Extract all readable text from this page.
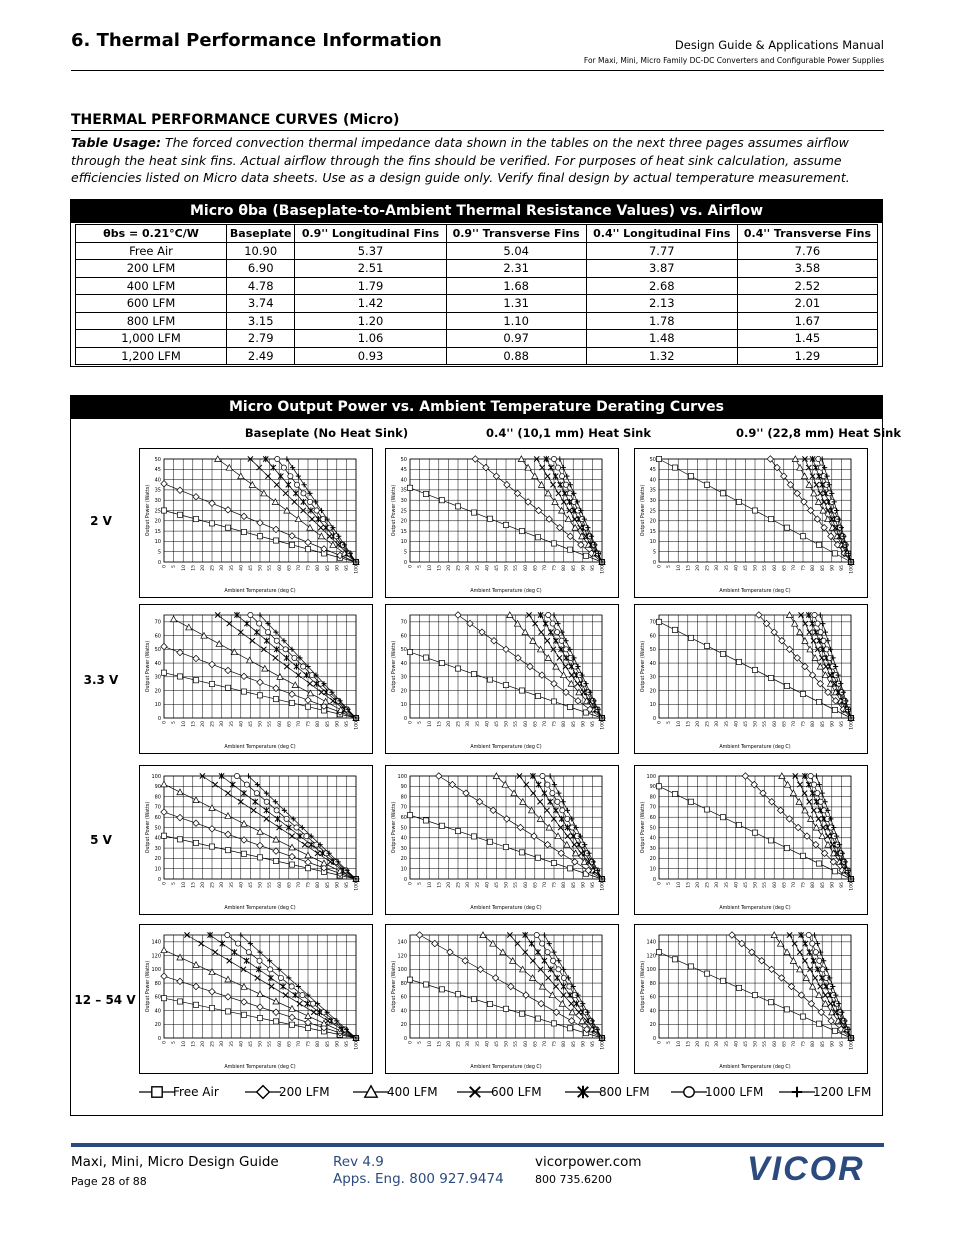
6. Thermal Performance Information	Design Guide & Applications Manual
For Maxi, Mini, Micro Family DC-DC Converters and Configurable Power Supplies
THERMAL PERFORMANCE CURVES (Micro)
Table Usage: The forced convection thermal impedance data shown in the tables on the next three pages assumes airflow through the heat sink fins. Actual airflow through the fins should be verified. For purposes of heat sink calculation, assume efficiencies listed on Micro data sheets. Use as a design guide only. Verify final design by actual temperature measurement.
Micro θba (Baseplate-to-Ambient Thermal Resistance Values) vs. Airflow
θbs = 0.21°C/W	Baseplate	0.9'' Longitudinal Fins	0.9'' Transverse Fins	0.4'' Longitudinal Fins	0.4'' Transverse Fins
Free Air	10.90	5.37	5.04	7.77	7.76
200 LFM	6.90	2.51	2.31	3.87	3.58
400 LFM	4.78	1.79	1.68	2.68	2.52
600 LFM	3.74	1.42	1.31	2.13	2.01
800 LFM	3.15	1.20	1.10	1.78	1.67
1,000 LFM	2.79	1.06	0.97	1.48	1.45
1,200 LFM	2.49	0.93	0.88	1.32	1.29
Micro Output Power vs. Ambient Temperature Derating Curves
Baseplate (No Heat Sink)	0.4'' (10,1 mm) Heat Sink	0.9'' (22,8 mm) Heat Sink
2 V
3.3 V
5 V
12 – 54 V
0
5
10
15
20
25
30
35
40
45
50
0 5 10 15 20 25 30 35 40 45 50 55 60 65 70 75 80 85 90 95 100
Ambient Temperature (deg C)
Output Power (Watts)
0
5
10
15
20
25
30
35
40
45
50
0 5 10 15 20 25 30 35 40 45 50 55 60 65 70 75 80 85 90 95 100
Ambient Temperature (deg C)
Output Power (Watts)
0
5
10
15
20
25
30
35
40
45
50
0 5 10 15 20 25 30 35 40 45 50 55 60 65 70 75 80 85 90 95 100
Ambient Temperature (deg C)
Output Power (Watts)
0
10
20
30
40
50
60
70
0 5 10 15 20 25 30 35 40 45 50 55 60 65 70 75 80 85 90 95 100
Ambient Temperature (deg C)
Output Power (Watts)
0
10
20
30
40
50
60
70
0 5 10 15 20 25 30 35 40 45 50 55 60 65 70 75 80 85 90 95 100
Ambient Temperature (deg C)
Output Power (Watts)
0
10
20
30
40
50
60
70
0 5 10 15 20 25 30 35 40 45 50 55 60 65 70 75 80 85 90 95 100
Ambient Temperature (deg C)
Output Power (Watts)
0
10
20
30
40
50
60
70
80
90
100
0 5 10 15 20 25 30 35 40 45 50 55 60 65 70 75 80 85 90 95 100
Ambient Temperature (deg C)
Output Power (Watts)
0
10
20
30
40
50
60
70
80
90
100
0 5 10 15 20 25 30 35 40 45 50 55 60 65 70 75 80 85 90 95 100
Ambient Temperature (deg C)
Output Power (Watts)
0
10
20
30
40
50
60
70
80
90
100
0 5 10 15 20 25 30 35 40 45 50 55 60 65 70 75 80 85 90 95 100
Ambient Temperature (deg C)
Output Power (Watts)
0
20
40
60
80
100
120
140
0 5 10 15 20 25 30 35 40 45 50 55 60 65 70 75 80 85 90 95 100
Ambient Temperature (deg C)
Output Power (Watts)
0
20
40
60
80
100
120
140
0 5 10 15 20 25 30 35 40 45 50 55 60 65 70 75 80 85 90 95 100
Ambient Temperature (deg C)
Output Power (Watts)
0
20
40
60
80
100
120
140
0 5 10 15 20 25 30 35 40 45 50 55 60 65 70 75 80 85 90 95 100
Ambient Temperature (deg C)
Output Power (Watts)
Free Air	200 LFM	400 LFM	600 LFM	800 LFM	1000 LFM	1200 LFM
Maxi, Mini, Micro Design Guide
Page 28 of 88
Rev 4.9
Apps. Eng. 800 927.9474
vicorpower.com
800 735.6200	VICOR
